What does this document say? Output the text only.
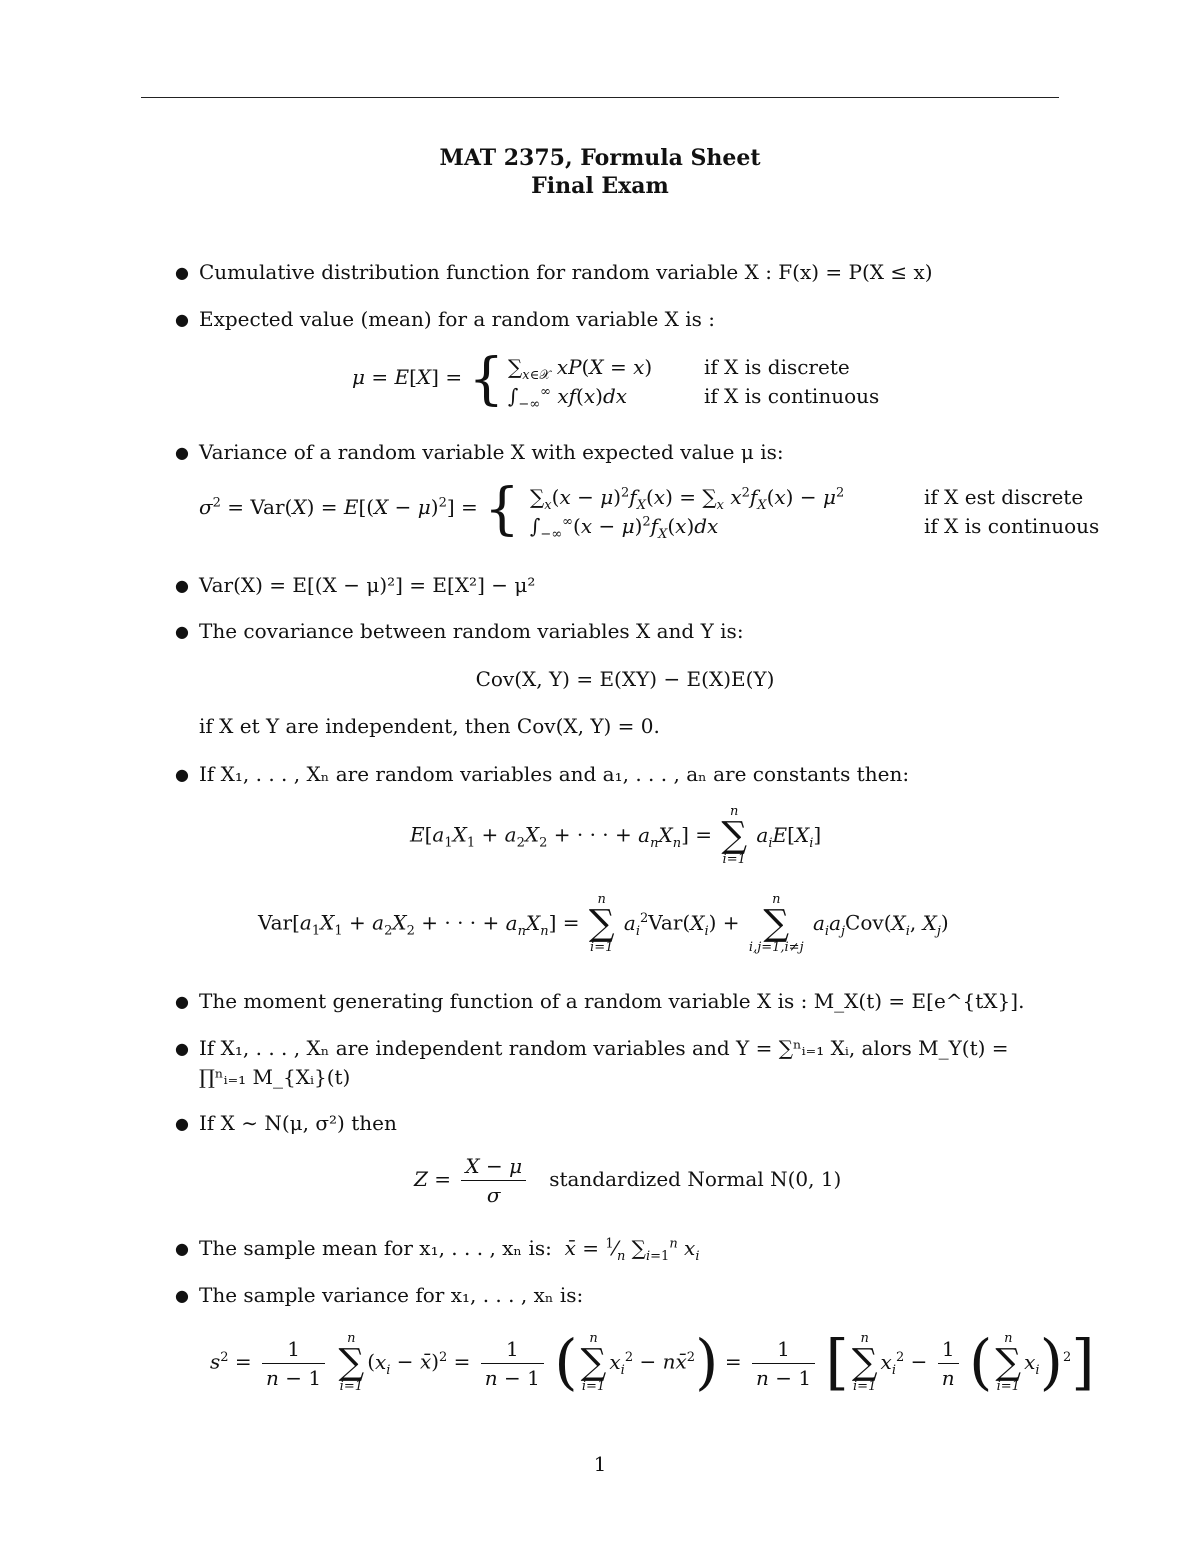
MAT 2375, Formula Sheet
Final Exam
● Cumulative distribution function for random variable X : F(x) = P(X ≤ x)
● Expected value (mean) for a random variable X is :
μ = E[X] = { $\sum_{x\in 𝒳}$ xP(X = x)	if X is discrete
$\int_{-\infty}^\infty$ xf(x)dx	if X is continuous
● Variance of a random variable X with expected value μ is:
$\sigma^2 = Var(X) = E[(X - \mu)^2]$ = { $\sum_x(x - \mu)^2f_X(x) = \sum_x$ $x^2f_X(x) - \mu^2$	if X est discrete
$\int_{-\infty}^\infty(x - \mu)^2f_X(x)dx$	if X is continuous
● Var(X) = E[(X − μ)²] = E[X²] − μ²
● The covariance between random variables X and Y is:
Cov(X, Y) = E(XY) − E(X)E(Y)
if X et Y are independent, then Cov(X, Y) = 0.
● If X₁, . . . , Xₙ are random variables and a₁, . . . , aₙ are constants then:
$E[a_1X_1 + a_2X_2$ + · · · + $a_nX_n$] =
n
∑
i=1
$a_iE[X_i]$
$Var[a_1X_1 + a_2X_2$ + · · · + $a_nX_n$] =
n
∑
i=1
$a_i^2Var(X_i)$ +
n
∑
i,j=1,i≠j
$a_ia_jCov(X_i$, $X_j$)
● The moment generating function of a random variable X is : M_X(t) = E[e^{tX}].
● If X₁, . . . , Xₙ are independent random variables and Y = ∑ⁿᵢ₌₁ Xᵢ, alors M_Y(t) =
∏ⁿᵢ₌₁ M_{Xᵢ}(t)
● If X ∼ N(μ, σ²) then
$Z = \frac{X - \mu}{\sigma}$ standardized Normal N(0, 1)
● The sample mean for x₁, . . . , xₙ is: x̄ = $^1⁄_n$ $\sum_{i=1}^n$ $x_i$
● The sample variance for x₁, . . . , xₙ is:
$s^2 = \frac{1}{n - 1}$
	n
∑
i=1
($x_i$ − x̄)$^2$ = $\frac{1}{n - 1}$ ( n
∑
i=1
$x_i^2$ − nx̄$^2$) = $\frac{1}{n - 1}$ [ n
∑
i=1
$x_i^2 - \frac{1}{n}$ ( n
∑
i=1
$x_i)^2$]
1
